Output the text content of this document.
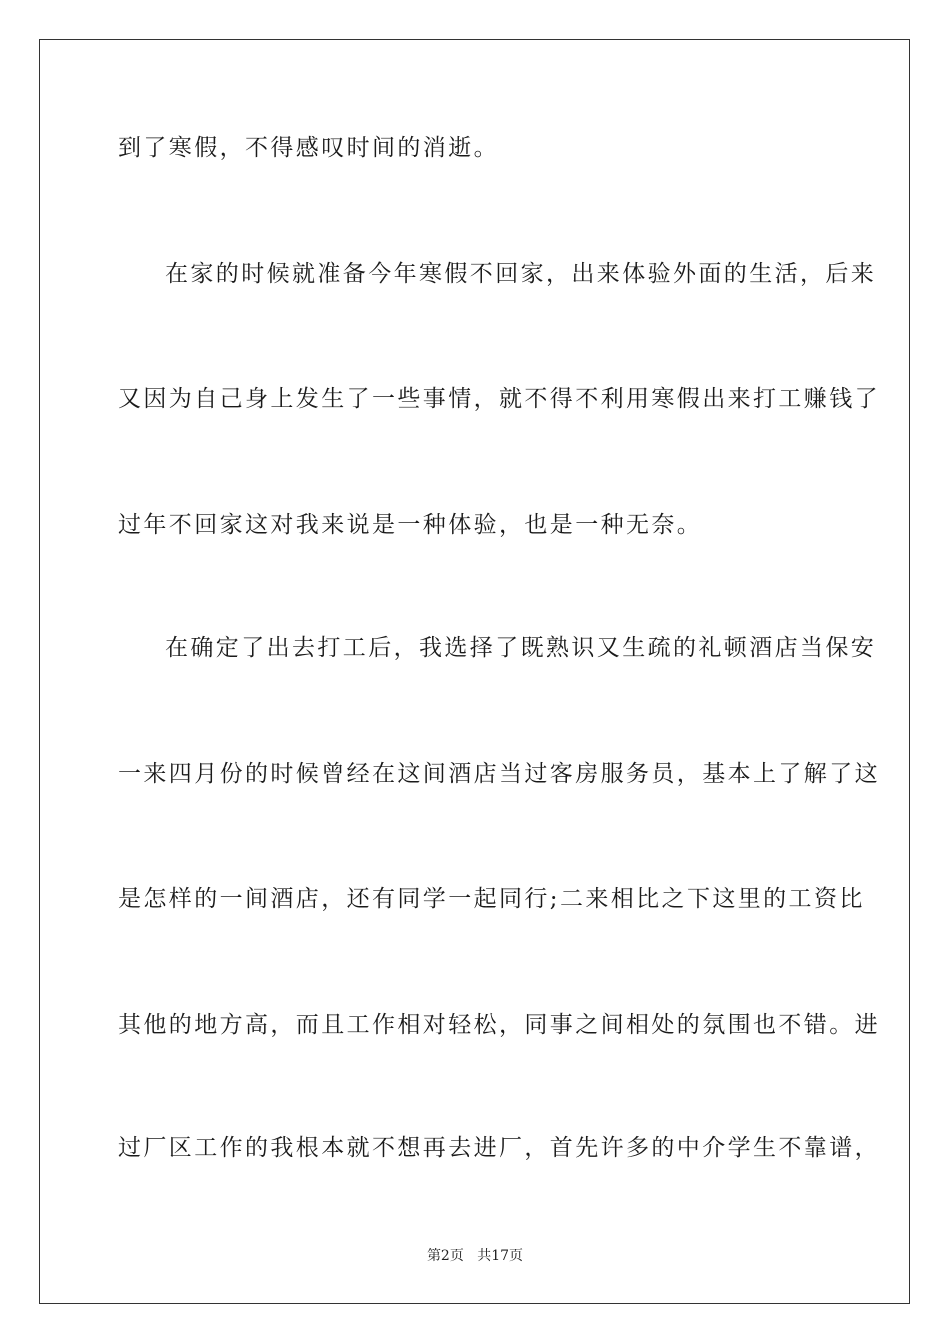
到了寒假，不得感叹时间的消逝。
在家的时候就准备今年寒假不回家，出来体验外面的生活，后来
又因为自己身上发生了一些事情，就不得不利用寒假出来打工赚钱了
过年不回家这对我来说是一种体验，也是一种无奈。
在确定了出去打工后，我选择了既熟识又生疏的礼顿酒店当保安
一来四月份的时候曾经在这间酒店当过客房服务员，基本上了解了这
是怎样的一间酒店，还有同学一起同行;二来相比之下这里的工资比
其他的地方高，而且工作相对轻松，同事之间相处的氛围也不错。进
过厂区工作的我根本就不想再去进厂，首先许多的中介学生不靠谱，
第2页 共17页
